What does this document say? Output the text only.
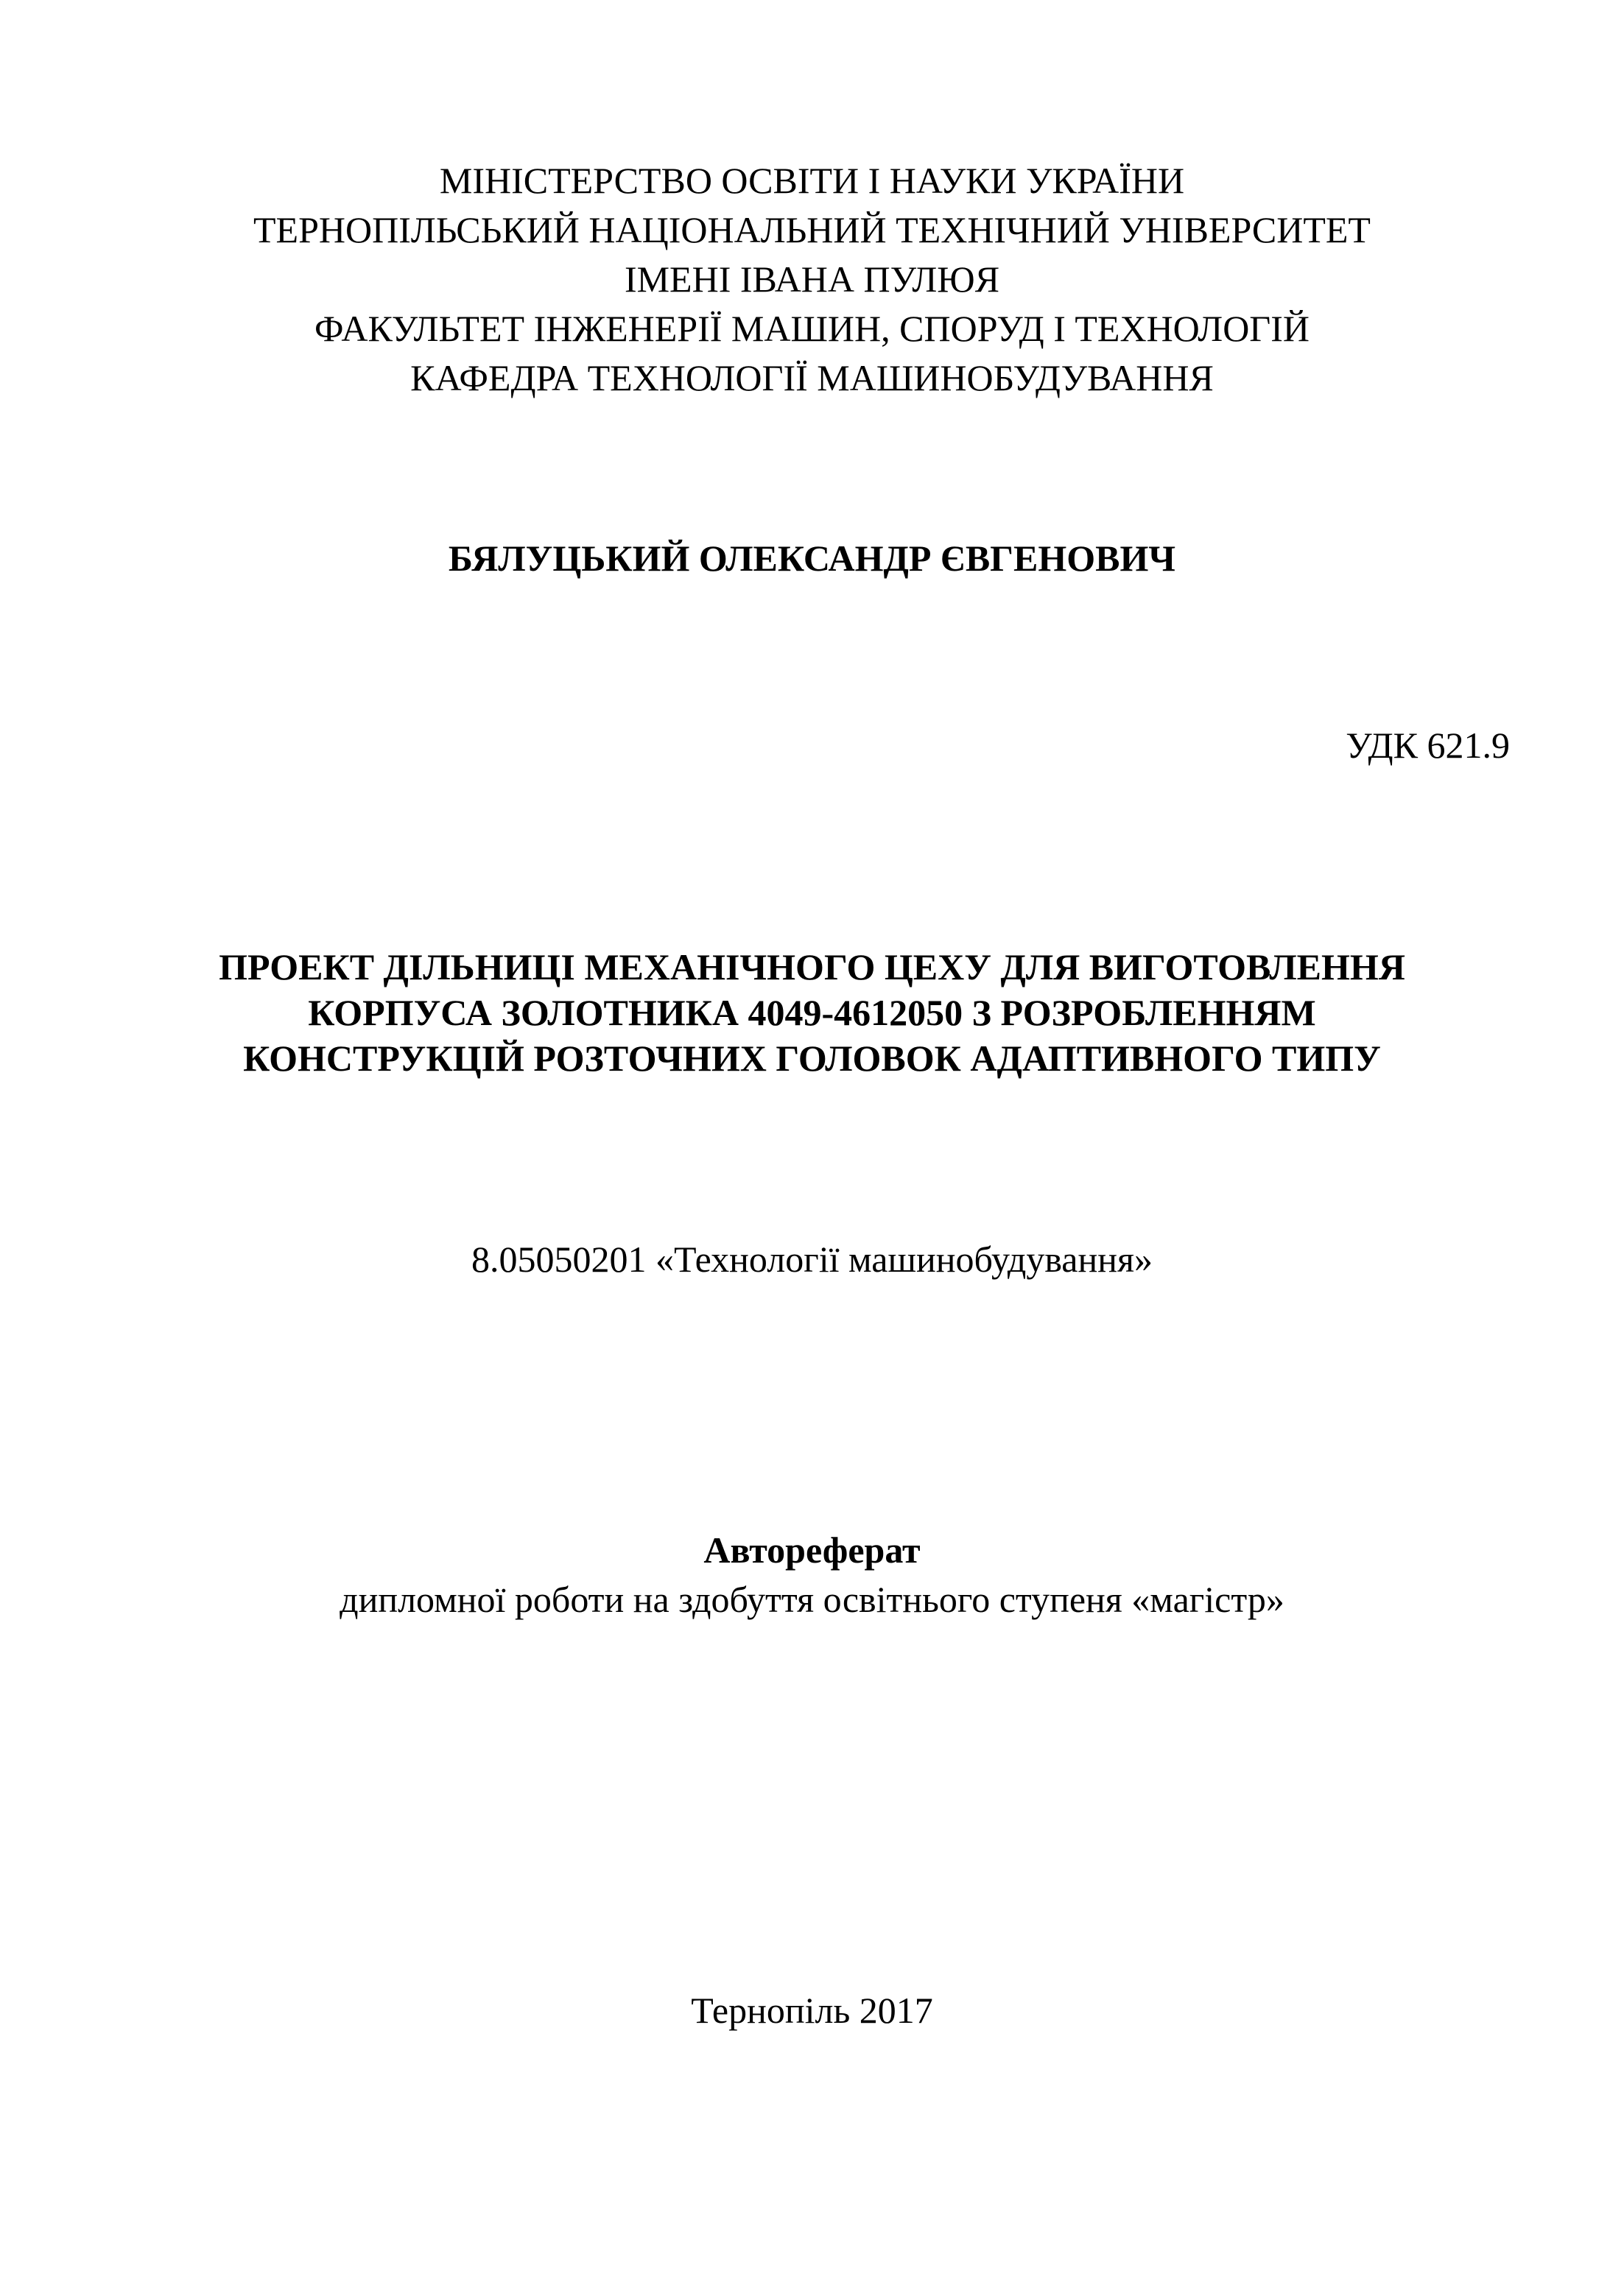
МІНІСТЕРСТВО ОСВІТИ І НАУКИ УКРАЇНИ
ТЕРНОПІЛЬСЬКИЙ НАЦІОНАЛЬНИЙ ТЕХНІЧНИЙ УНІВЕРСИТЕТ
ІМЕНІ ІВАНА ПУЛЮЯ
ФАКУЛЬТЕТ ІНЖЕНЕРІЇ МАШИН, СПОРУД І ТЕХНОЛОГІЙ
КАФЕДРА ТЕХНОЛОГІЇ МАШИНОБУДУВАННЯ
БЯЛУЦЬКИЙ ОЛЕКСАНДР ЄВГЕНОВИЧ
УДК 621.9
ПРОЕКТ ДІЛЬНИЦІ МЕХАНІЧНОГО ЦЕХУ ДЛЯ ВИГОТОВЛЕННЯ
КОРПУСА ЗОЛОТНИКА 4049-4612050 З РОЗРОБЛЕННЯМ
КОНСТРУКЦІЙ РОЗТОЧНИХ ГОЛОВОК АДАПТИВНОГО ТИПУ
8.05050201 «Технології машинобудування»
Автореферат
дипломної роботи на здобуття освітнього ступеня «магістр»
Тернопіль 2017
